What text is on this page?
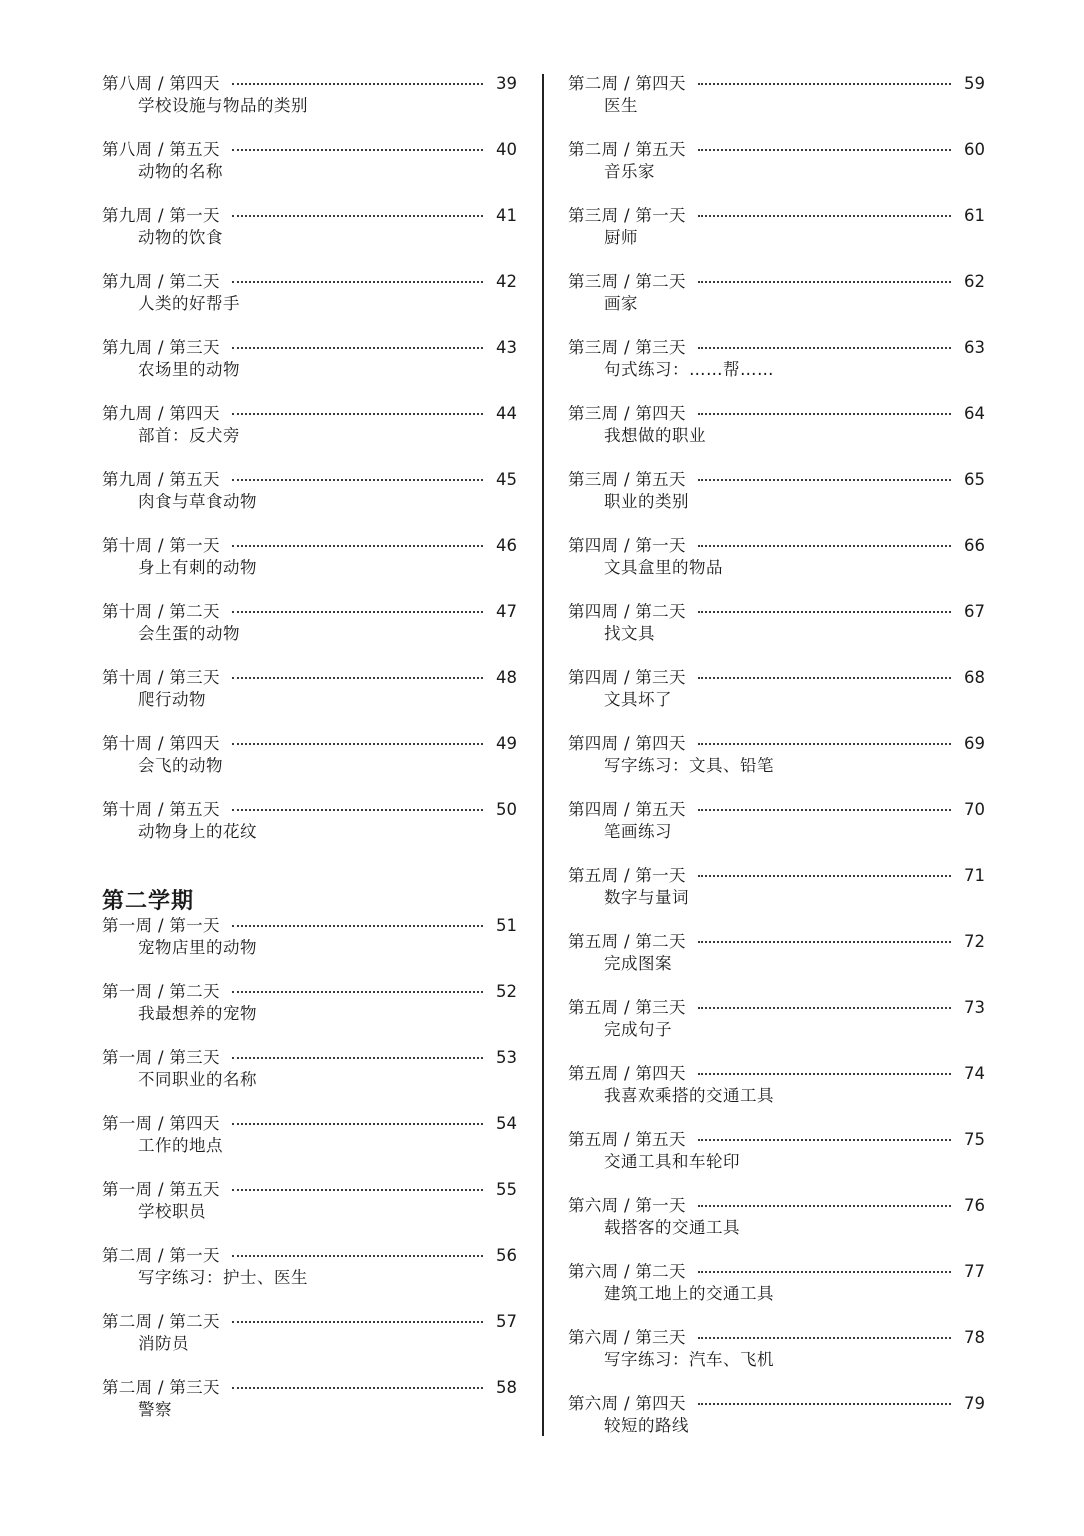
第八周 / 第四天	39
学校设施与物品的类别
第八周 / 第五天	40
动物的名称
第九周 / 第一天	41
动物的饮食
第九周 / 第二天	42
人类的好帮手
第九周 / 第三天	43
农场里的动物
第九周 / 第四天	44
部首：反犬旁
第九周 / 第五天	45
肉食与草食动物
第十周 / 第一天	46
身上有刺的动物
第十周 / 第二天	47
会生蛋的动物
第十周 / 第三天	48
爬行动物
第十周 / 第四天	49
会飞的动物
第十周 / 第五天	50
动物身上的花纹
第二学期
第一周 / 第一天	51
宠物店里的动物
第一周 / 第二天	52
我最想养的宠物
第一周 / 第三天	53
不同职业的名称
第一周 / 第四天	54
工作的地点
第一周 / 第五天	55
学校职员
第二周 / 第一天	56
写字练习：护士、医生
第二周 / 第二天	57
消防员
第二周 / 第三天	58
警察
第二周 / 第四天	59
医生
第二周 / 第五天	60
音乐家
第三周 / 第一天	61
厨师
第三周 / 第二天	62
画家
第三周 / 第三天	63
句式练习：……帮……
第三周 / 第四天	64
我想做的职业
第三周 / 第五天	65
职业的类别
第四周 / 第一天	66
文具盒里的物品
第四周 / 第二天	67
找文具
第四周 / 第三天	68
文具坏了
第四周 / 第四天	69
写字练习：文具、铅笔
第四周 / 第五天	70
笔画练习
第五周 / 第一天	71
数字与量词
第五周 / 第二天	72
完成图案
第五周 / 第三天	73
完成句子
第五周 / 第四天	74
我喜欢乘搭的交通工具
第五周 / 第五天	75
交通工具和车轮印
第六周 / 第一天	76
载搭客的交通工具
第六周 / 第二天	77
建筑工地上的交通工具
第六周 / 第三天	78
写字练习：汽车、飞机
第六周 / 第四天	79
较短的路线
